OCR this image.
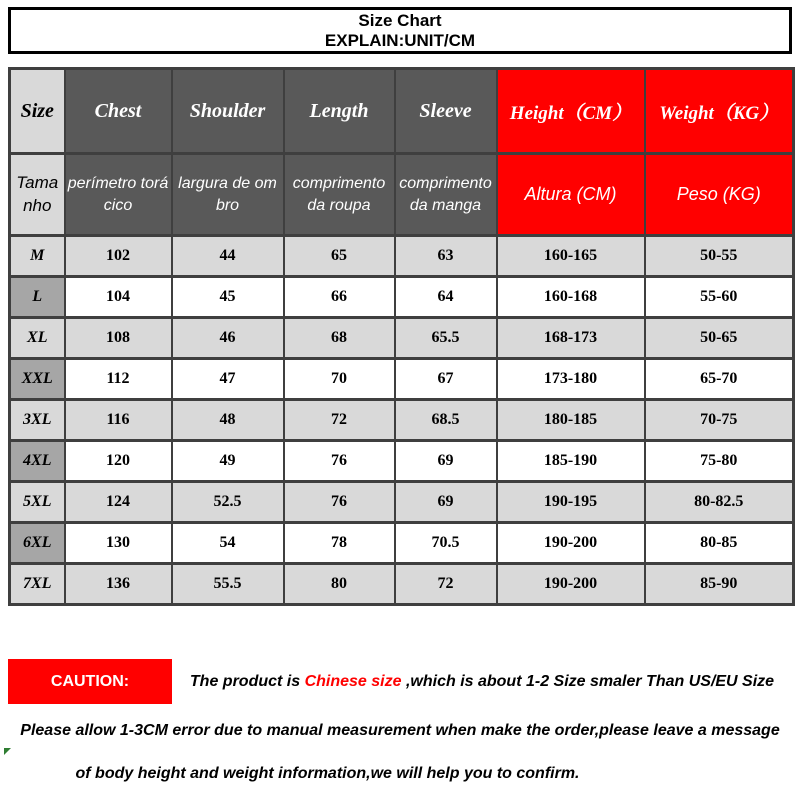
Size Chart
EXPLAIN:UNIT/CM
Size	Chest	Shoulder	Length	Sleeve	Height（CM）	Weight（KG）
Tamanho	perímetro torácico	largura de ombro	comprimento da roupa	comprimento da manga	Altura (CM)	Peso (KG)
M	102	44	65	63	160-165	50-55
L	104	45	66	64	160-168	55-60
XL	108	46	68	65.5	168-173	50-65
XXL	112	47	70	67	173-180	65-70
3XL	116	48	72	68.5	180-185	70-75
4XL	120	49	76	69	185-190	75-80
5XL	124	52.5	76	69	190-195	80-82.5
6XL	130	54	78	70.5	190-200	80-85
7XL	136	55.5	80	72	190-200	85-90
CAUTION:	The product is Chinese size ,which is about 1-2 Size smaler Than US/EU Size
Please allow 1-3CM error due to manual measurement when make the order,please leave a message
of body height and weight information,we will help you to confirm.
